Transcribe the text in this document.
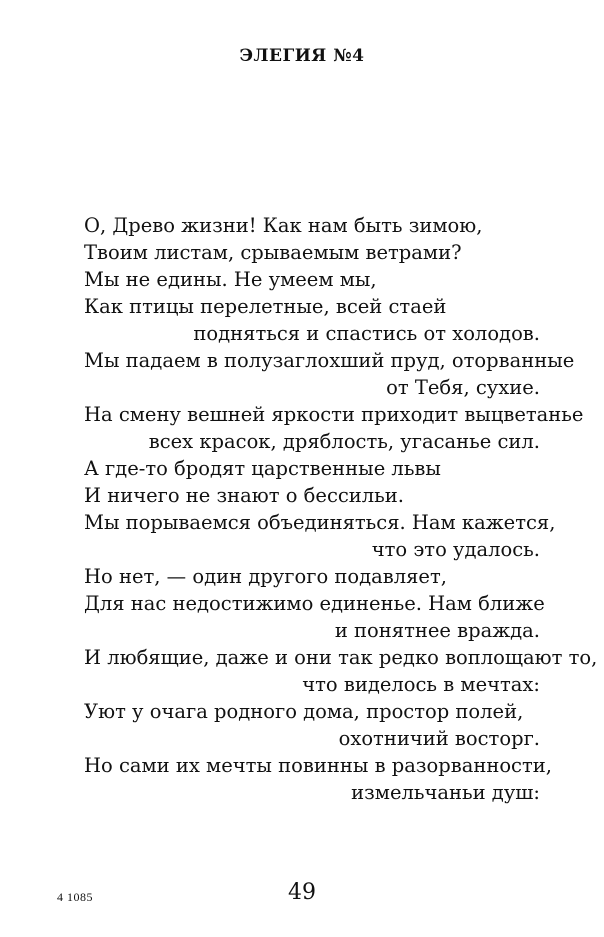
ЭЛЕГИЯ №4
О, Древо жизни! Как нам быть зимою,
Твоим листам, срываемым ветрами?
Мы не едины. Не умеем мы,
Как птицы перелетные, всей стаей
подняться и спастись от холодов.
Мы падаем в полузаглохший пруд, оторванные
от Тебя, сухие.
На смену вешней яркости приходит выцветанье
всех красок, дряблость, угасанье сил.
А где-то бродят царственные львы
И ничего не знают о бессильи.
Мы порываемся объединяться. Нам кажется,
что это удалось.
Но нет, — один другого подавляет,
Для нас недостижимо единенье. Нам ближе
и понятнее вражда.
И любящие, даже и они так редко воплощают то,
что виделось в мечтах:
Уют у очага родного дома, простор полей,
охотничий восторг.
Но сами их мечты повинны в разорванности,
измельчаньи душ:
4 1085	49
